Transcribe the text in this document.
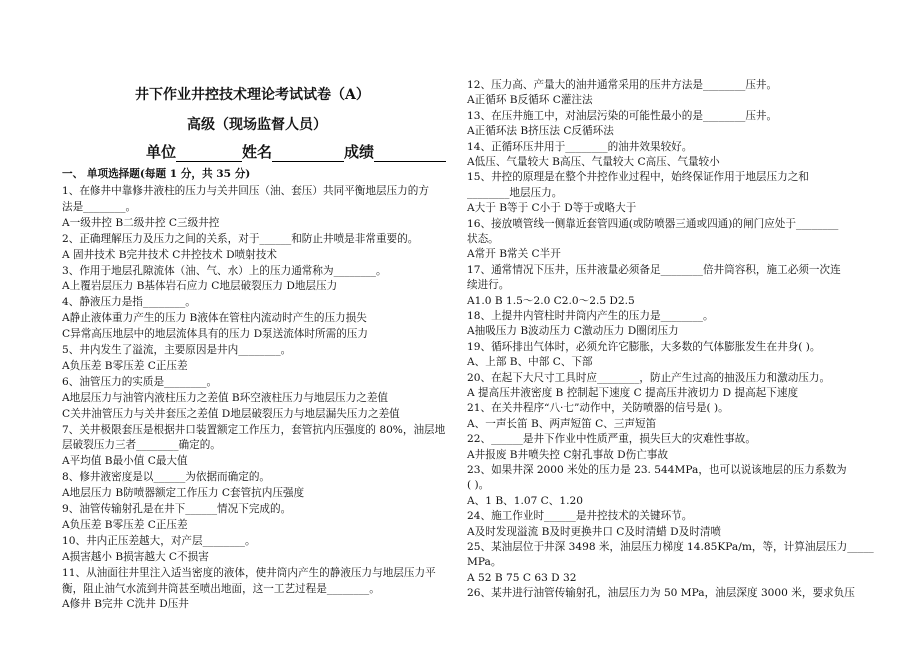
井下作业井控技术理论考试试卷（A）
高级（现场监督人员）
单位	姓名	成绩
一、 单项选择题(每题 1 分，共 35 分)
1、在修井中靠修井液柱的压力与关井回压（油、套压）共同平衡地层压力的方
法是________。
A一级井控 B二级井控 C三级井控
2、正确理解压力及压力之间的关系，对于______和防止井喷是非常重要的。
A 固井技术 B完井技术 C井控技术 D喷射技术
3、作用于地层孔隙流体（油、气、水）上的压力通常称为________。
A上覆岩层压力 B基体岩石应力 C地层破裂压力 D地层压力
4、静液压力是指________。
A静止液体重力产生的压力 B液体在管柱内流动时产生的压力损失
C异常高压地层中的地层流体具有的压力 D泵送流体时所需的压力
5、井内发生了溢流，主要原因是井内________。
A负压差 B零压差 C正压差
6、油管压力的实质是________。
A地层压力与油管内液柱压力之差值 B环空液柱压力与地层压力之差值
C关井油管压力与关井套压之差值 D地层破裂压力与地层漏失压力之差值
7、关井极限套压是根据井口装置额定工作压力，套管抗内压强度的 80%，油层地
层破裂压力三者________确定的。
A平均值 B最小值 C最大值
8、修井液密度是以______为依据而确定的。
A地层压力 B防喷器额定工作压力 C套管抗内压强度
9、油管传输射孔是在井下______情况下完成的。
A负压差 B零压差 C正压差
10、井内正压差越大，对产层________。
A损害越小 B损害越大 C不损害
11、从油面往井里注入适当密度的液体，使井筒内产生的静液压力与地层压力平
衡，阻止油气水流到井筒甚至喷出地面，这一工艺过程是________。
A修井 B完井 C洗井 D压井
12、压力高、产量大的油井通常采用的压井方法是________压井。
A正循环 B反循环 C灌注法
13、在压井施工中，对油层污染的可能性最小的是________压井。
A正循环法 B挤压法 C反循环法
14、正循环压井用于________的油井效果较好。
A低压、气量较大 B高压、气量较大 C高压、气量较小
15、井控的原理是在整个井控作业过程中，始终保证作用于地层压力之和
________地层压力。
A大于 B等于 C小于 D等于或略大于
16、接放喷管线一侧靠近套管四通(或防喷器三通或四通)的闸门应处于________
状态。
A常开 B常关 C半开
17、通常情况下压井，压井液量必须备足________倍井筒容积，施工必须一次连
续进行。
A1.0 B 1.5～2.0 C2.0～2.5 D2.5
18、上提井内管柱时井筒内产生的压力是________。
A抽吸压力 B波动压力 C激动压力 D圈闭压力
19、循环排出气体时，必须允许它膨胀，大多数的气体膨胀发生在井身( )。
A、上部 B、中部 C、下部
20、在起下大尺寸工具时应________，防止产生过高的抽汲压力和激动压力。
A 提高压井液密度 B 控制起下速度 C 提高压井液切力 D 提高起下速度
21、在关井程序“八·七”动作中，关防喷器的信号是( )。
A、一声长笛 B、两声短笛 C、三声短笛
22、______是井下作业中性质严重，损失巨大的灾难性事故。
A井报废 B井喷失控 C射孔事故 D伤亡事故
23、如果井深 2000 米处的压力是 23. 544MPa，也可以说该地层的压力系数为
( )。
A、1 B、1.07 C、1.20
24、施工作业时______是井控技术的关键环节。
A及时发现溢流 B及时更换井口 C及时清蜡 D及时清喷
25、某油层位于井深 3498 米，油层压力梯度 14.85KPa/m，等，计算油层压力_____
MPa。
A 52 B 75 C 63 D 32
26、某井进行油管传输射孔，油层压力为 50 MPa，油层深度 3000 米，要求负压
